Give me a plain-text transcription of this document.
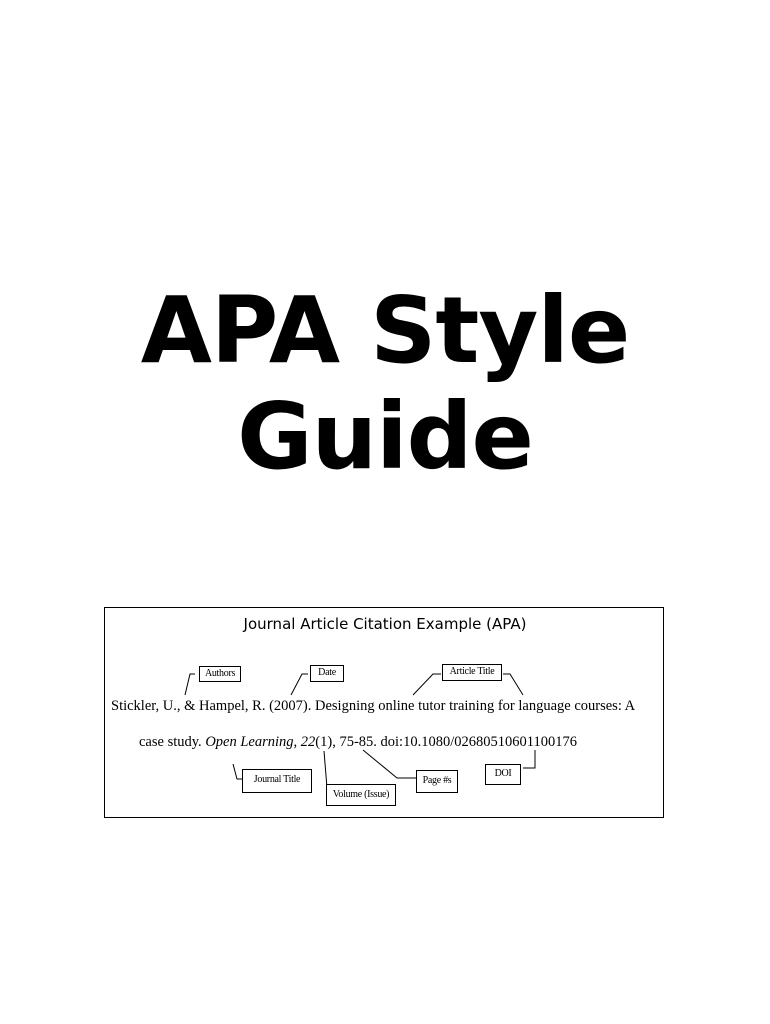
APA Style
Guide
Journal Article Citation Example (APA)
Authors	Date	Article Title
Stickler, U., & Hampel, R. (2007). Designing online tutor training for language courses: A
case study. Open Learning, 22(1), 75-85. doi:10.1080/02680510601100176
Journal Title
Volume (Issue)
Page #s
DOI
